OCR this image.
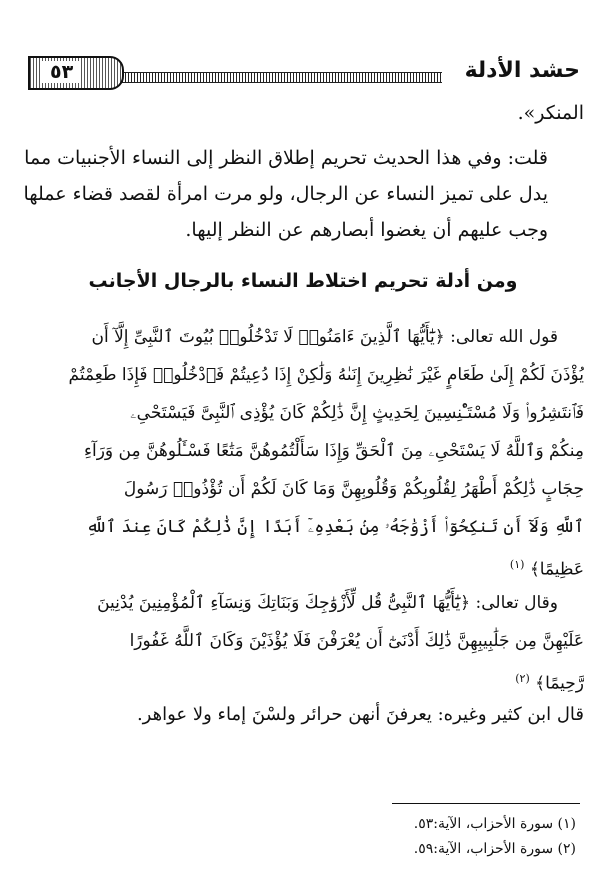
حشد الأدلة
٥٣
المنكر».
قلت: وفي هذا الحديث تحريم إطلاق النظر إلى النساء الأجنبيات مما
يدل على تميز النساء عن الرجال، ولو مرت امرأة لقصد قضاء عملها
وجب عليهم أن يغضوا أبصارهم عن النظر إليها.
ومن أدلة تحريم اختلاط النساء بالرجال الأجانب
قول الله تعالى: ﴿يَٰٓأَيُّهَا ٱلَّذِينَ ءَامَنُوا۟ لَا تَدْخُلُوا۟ بُيُوتَ ٱلنَّبِىِّ إِلَّآ أَن
يُؤْذَنَ لَكُمْ إِلَىٰ طَعَامٍ غَيْرَ نَٰظِرِينَ إِنَىٰهُ وَلَٰكِنْ إِذَا دُعِيتُمْ فَٱدْخُلُوا۟ فَإِذَا طَعِمْتُمْ
فَٱنتَشِرُوا۟ وَلَا مُسْتَـْٔنِسِينَ لِحَدِيثٍ إِنَّ ذَٰلِكُمْ كَانَ يُؤْذِى ٱلنَّبِىَّ فَيَسْتَحْىِۦ
مِنكُمْ وَٱللَّهُ لَا يَسْتَحْىِۦ مِنَ ٱلْحَقِّ وَإِذَا سَأَلْتُمُوهُنَّ مَتَٰعًا فَسْـَٔلُوهُنَّ مِن وَرَآءِ
حِجَابٍ ذَٰلِكُمْ أَطْهَرُ لِقُلُوبِكُمْ وَقُلُوبِهِنَّ وَمَا كَانَ لَكُمْ أَن تُؤْذُوا۟ رَسُولَ
ٱللَّهِ وَلَآ أَن تَنكِحُوٓا۟ أَزْوَٰجَهُۥ مِنۢ بَعْدِهِۦٓ أَبَدًا إِنَّ ذَٰلِكُمْ كَانَ عِندَ ٱللَّهِ
عَظِيمًا﴾ $^{(١)}$
وقال تعالى: ﴿يَٰٓأَيُّهَا ٱلنَّبِىُّ قُل لِّأَزْوَٰجِكَ وَبَنَاتِكَ وَنِسَآءِ ٱلْمُؤْمِنِينَ يُدْنِينَ
عَلَيْهِنَّ مِن جَلَٰبِيبِهِنَّ ذَٰلِكَ أَدْنَىٰٓ أَن يُعْرَفْنَ فَلَا يُؤْذَيْنَ وَكَانَ ٱللَّهُ غَفُورًا
رَّحِيمًا﴾ $^{(٢)}$
قال ابن كثير وغيره: يعرفنَ أنهن حرائر ولسْنَ إماء ولا عواهر.
(١) سورة الأحزاب، الآية:٥٣.
(٢) سورة الأحزاب، الآية:٥٩.
